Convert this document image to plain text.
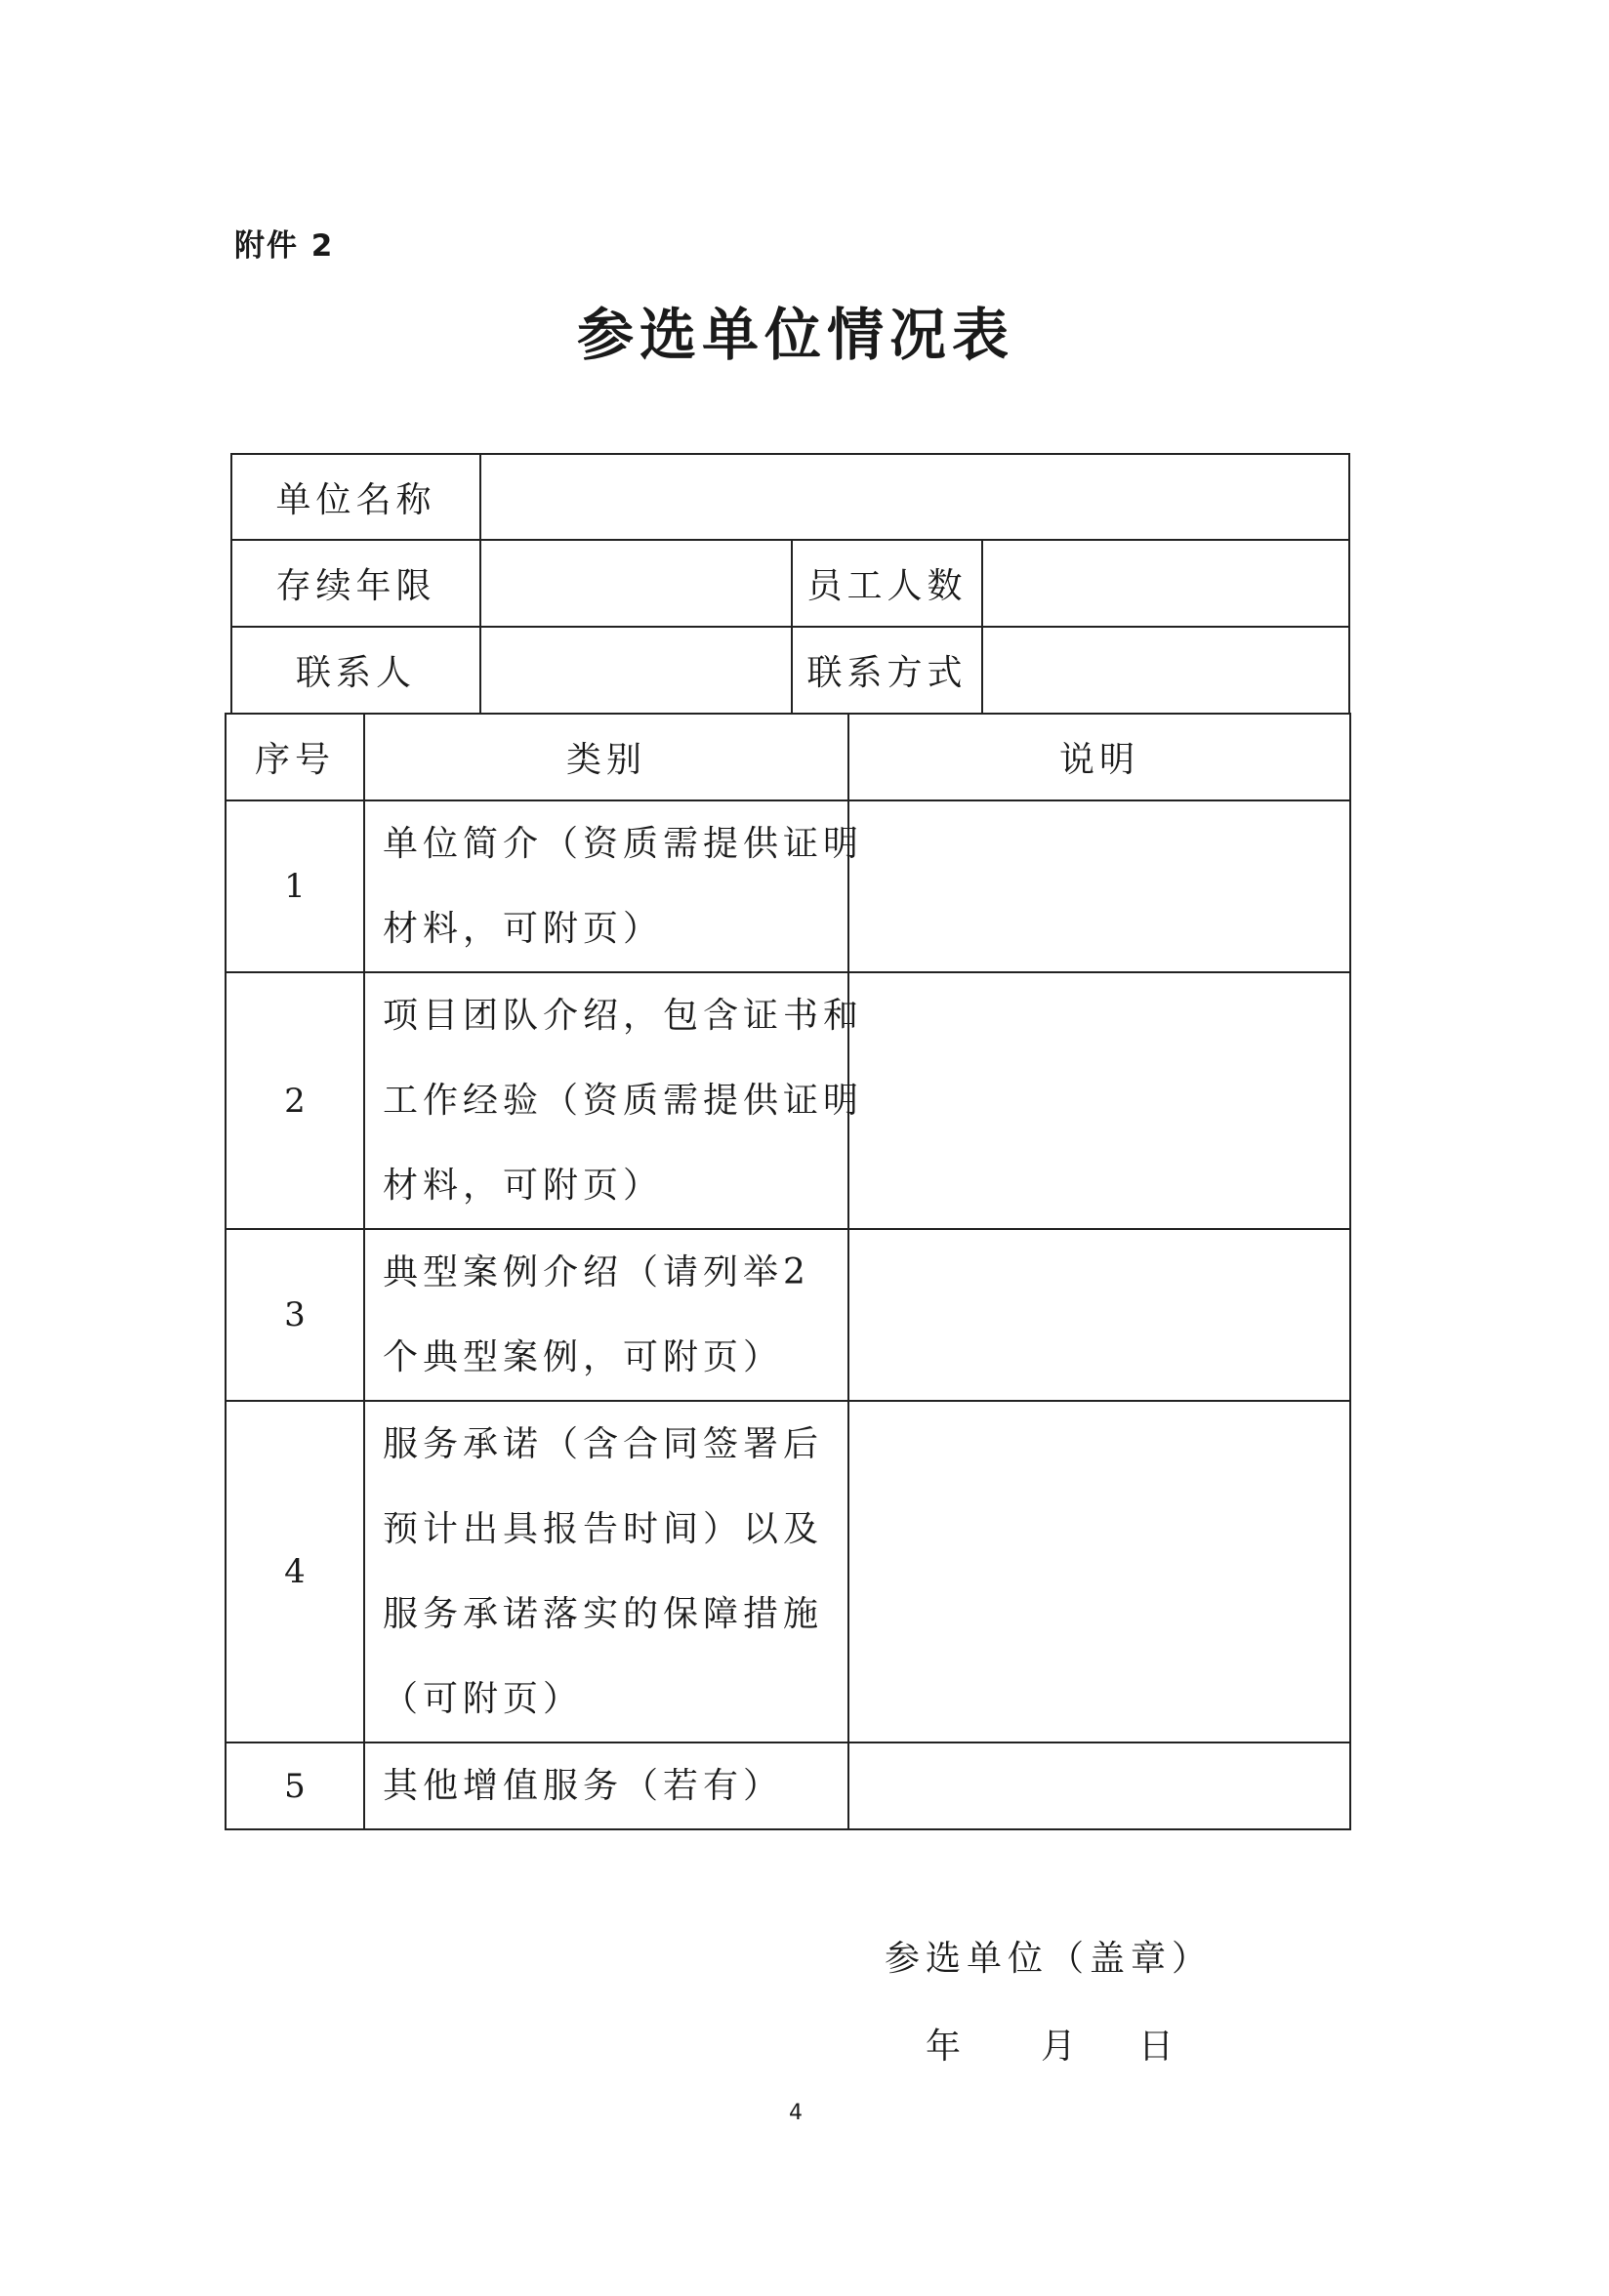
附件 2
参选单位情况表
单位名称			
存续年限		员工人数	
联系人		联系方式	
序号	类别	说明
1	单位简介（资质需提供证明
材料，可附页）	

2	项目团队介绍，包含证书和
工作经验（资质需提供证明
材料，可附页）	

3	典型案例介绍（请列举2
个典型案例，可附页）	

4	服务承诺（含合同签署后
预计出具报告时间）以及
服务承诺落实的保障措施
（可附页）	

5	其他增值服务（若有）	

参选单位（盖章）
年 月 日
4
